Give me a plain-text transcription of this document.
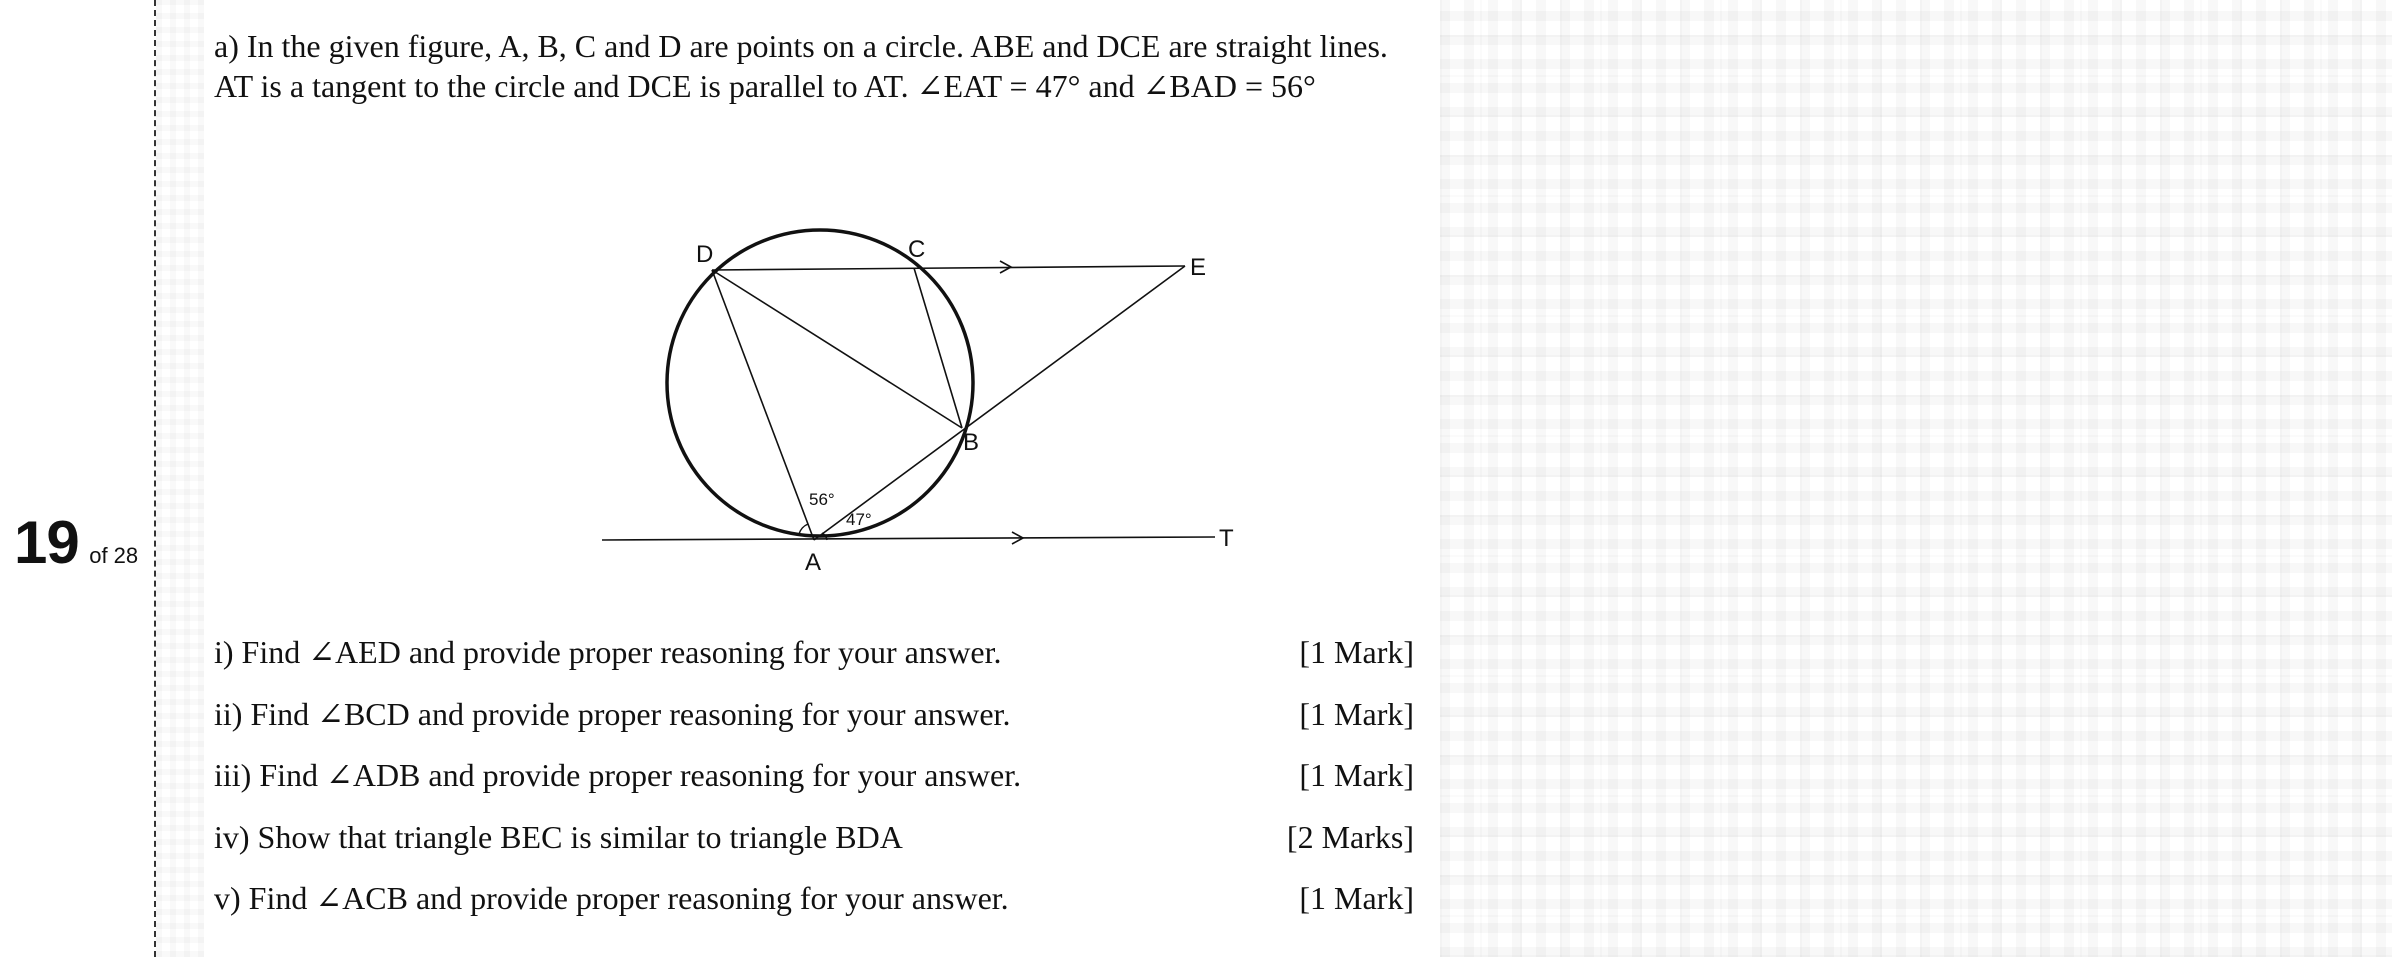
19 of 28
a) In the given figure, A, B, C and D are points on a circle. ABE and DCE are straight lines.
AT is a tangent to the circle and DCE is parallel to AT. ∠EAT = 47° and ∠BAD = 56°
D	C
E
B
A
T
56°
47°
i) Find ∠AED and provide proper reasoning for your answer.	[1 Mark]
ii) Find ∠BCD and provide proper reasoning for your answer.	[1 Mark]
iii) Find ∠ADB and provide proper reasoning for your answer.	[1 Mark]
iv) Show that triangle BEC is similar to triangle BDA	[2 Marks]
v) Find ∠ACB and provide proper reasoning for your answer.	[1 Mark]
